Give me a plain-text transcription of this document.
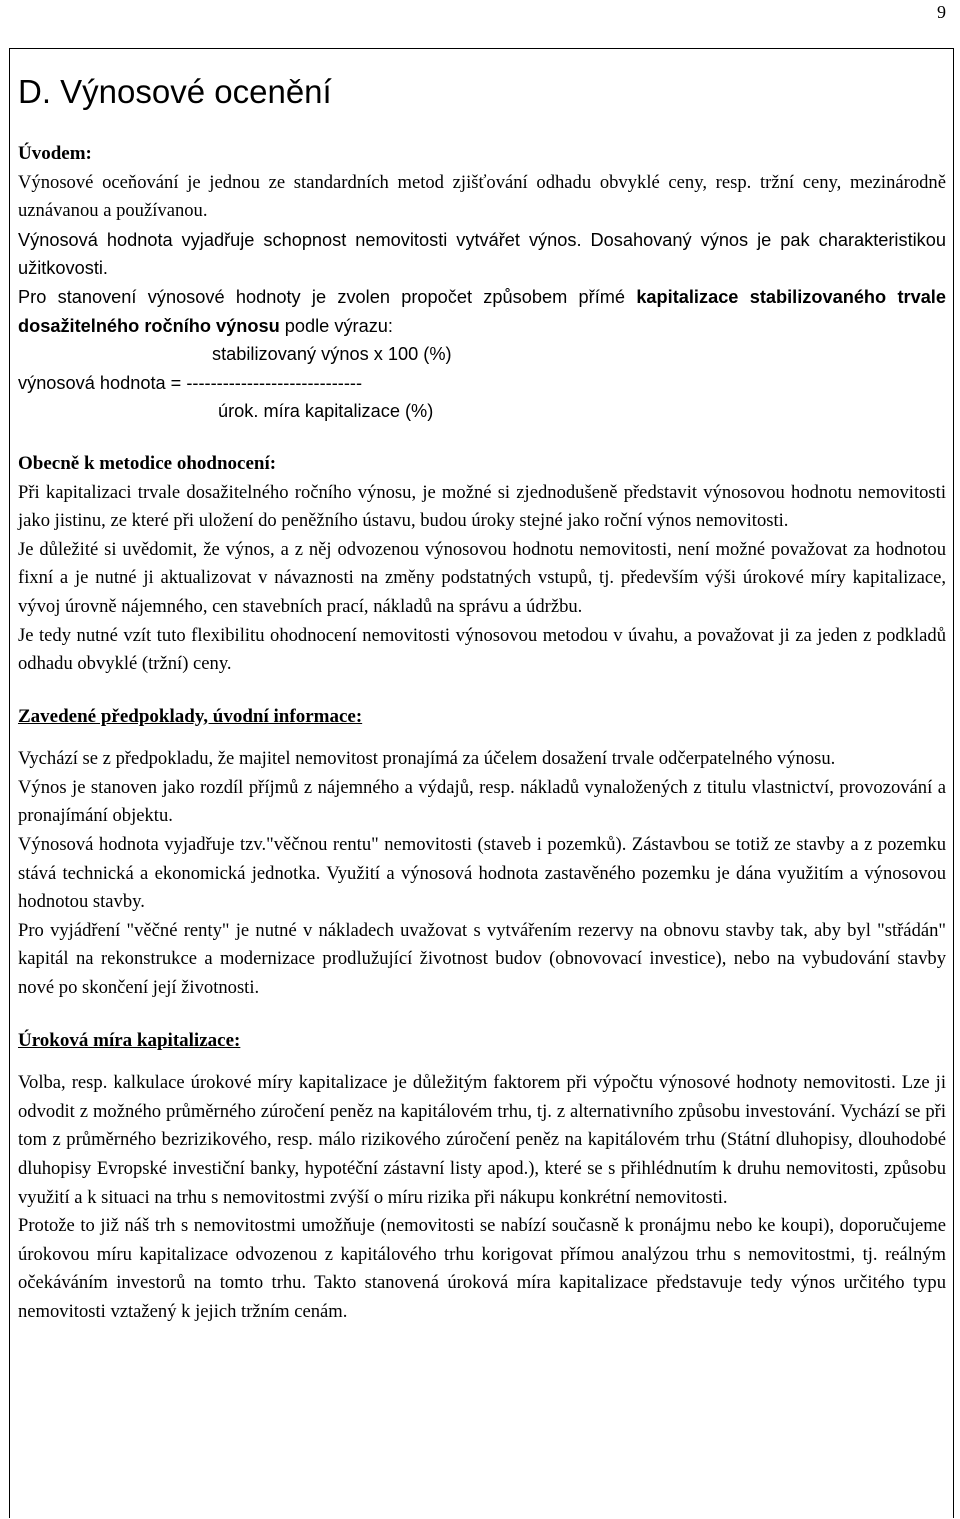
9
D. Výnosové ocenění

Úvodem:

Výnosové oceňování je jednou ze standardních metod zjišťování odhadu obvyklé ceny, resp. tržní ceny, mezinárodně uznávanou a používanou.

Výnosová hodnota vyjadřuje schopnost nemovitosti vytvářet výnos. Dosahovaný výnos je pak charakteristikou užitkovosti.

Pro stanovení výnosové hodnoty je zvolen propočet způsobem přímé kapitalizace stabilizovaného trvale dosažitelného ročního výnosu podle výrazu:

stabilizovaný výnos x 100 (%)

výnosová hodnota = -----------------------------

úrok. míra kapitalizace (%)

Obecně k metodice ohodnocení:

Při kapitalizaci trvale dosažitelného ročního výnosu, je možné si zjednodušeně představit výnosovou hodnotu nemovitosti jako jistinu, ze které při uložení do peněžního ústavu, budou úroky stejné jako roční výnos nemovitosti.

Je důležité si uvědomit, že výnos, a z něj odvozenou výnosovou hodnotu nemovitosti, není možné považovat za hodnotou fixní a je nutné ji aktualizovat v návaznosti na změny podstatných vstupů, tj. především výši úrokové míry kapitalizace, vývoj úrovně nájemného, cen stavebních prací, nákladů na správu a údržbu.

Je tedy nutné vzít tuto flexibilitu ohodnocení nemovitosti výnosovou metodou v úvahu, a považovat ji za jeden z podkladů odhadu obvyklé (tržní) ceny.

Zavedené předpoklady, úvodní informace:

Vychází se z předpokladu, že majitel nemovitost pronajímá za účelem dosažení trvale odčerpatelného výnosu.

Výnos je stanoven jako rozdíl příjmů z nájemného a výdajů, resp. nákladů vynaložených z titulu vlastnictví, provozování a pronajímání objektu.

Výnosová hodnota vyjadřuje tzv."věčnou rentu" nemovitosti (staveb i pozemků). Zástavbou se totiž ze stavby a z pozemku stává technická a ekonomická jednotka. Využití a výnosová hodnota zastavěného pozemku je dána využitím a výnosovou hodnotou stavby.

Pro vyjádření "věčné renty" je nutné v nákladech uvažovat s vytvářením rezervy na obnovu stavby tak, aby byl "střádán" kapitál na rekonstrukce a modernizace prodlužující životnost budov (obnovovací investice), nebo na vybudování stavby nové po skončení její životnosti.

Úroková míra kapitalizace:

Volba, resp. kalkulace úrokové míry kapitalizace je důležitým faktorem při výpočtu výnosové hodnoty nemovitosti. Lze ji odvodit z možného průměrného zúročení peněz na kapitálovém trhu, tj. z alternativního způsobu investování. Vychází se při tom z průměrného bezrizikového, resp. málo rizikového zúročení peněz na kapitálovém trhu (Státní dluhopisy, dlouhodobé dluhopisy Evropské investiční banky, hypotéční zástavní listy apod.), které se s přihlédnutím k druhu nemovitosti, způsobu využití a k situaci na trhu s nemovitostmi zvýší o míru rizika při nákupu konkrétní nemovitosti.

Protože to již náš trh s nemovitostmi umožňuje (nemovitosti se nabízí současně k pronájmu nebo ke koupi), doporučujeme úrokovou míru kapitalizace odvozenou z kapitálového trhu korigovat přímou analýzou trhu s nemovitostmi, tj. reálným očekáváním investorů na tomto trhu. Takto stanovená úroková míra kapitalizace představuje tedy výnos určitého typu nemovitosti vztažený k jejich tržním cenám.
